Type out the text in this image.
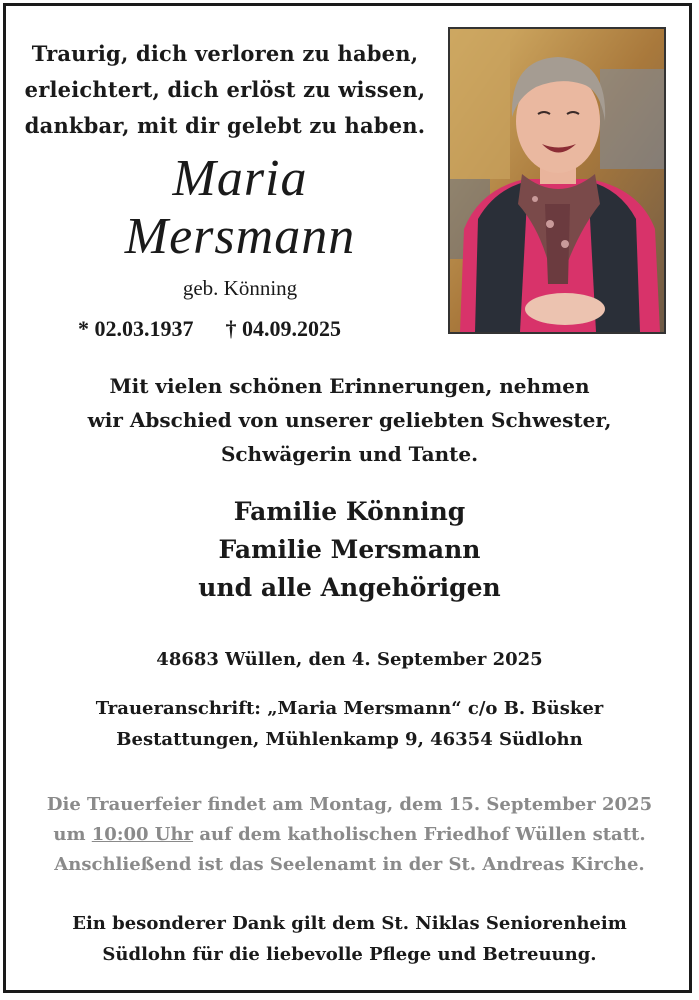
Traurig, dich verloren zu haben,
erleichtert, dich erlöst zu wissen,
dankbar, mit dir gelebt zu haben.
Maria
Mersmann
geb. Könning
* 02.03.1937 † 04.09.2025
Mit vielen schönen Erinnerungen, nehmen
wir Abschied von unserer geliebten Schwester,
Schwägerin und Tante.
Familie Könning
Familie Mersmann
und alle Angehörigen
48683 Wüllen, den 4. September 2025
Traueranschrift: „Maria Mersmann“ c/o B. Büsker
Bestattungen, Mühlenkamp 9, 46354 Südlohn
Die Trauerfeier findet am Montag, dem 15. September 2025
um 10:00 Uhr auf dem katholischen Friedhof Wüllen statt.
Anschließend ist das Seelenamt in der St. Andreas Kirche.
Ein besonderer Dank gilt dem St. Niklas Seniorenheim
Südlohn für die liebevolle Pflege und Betreuung.
